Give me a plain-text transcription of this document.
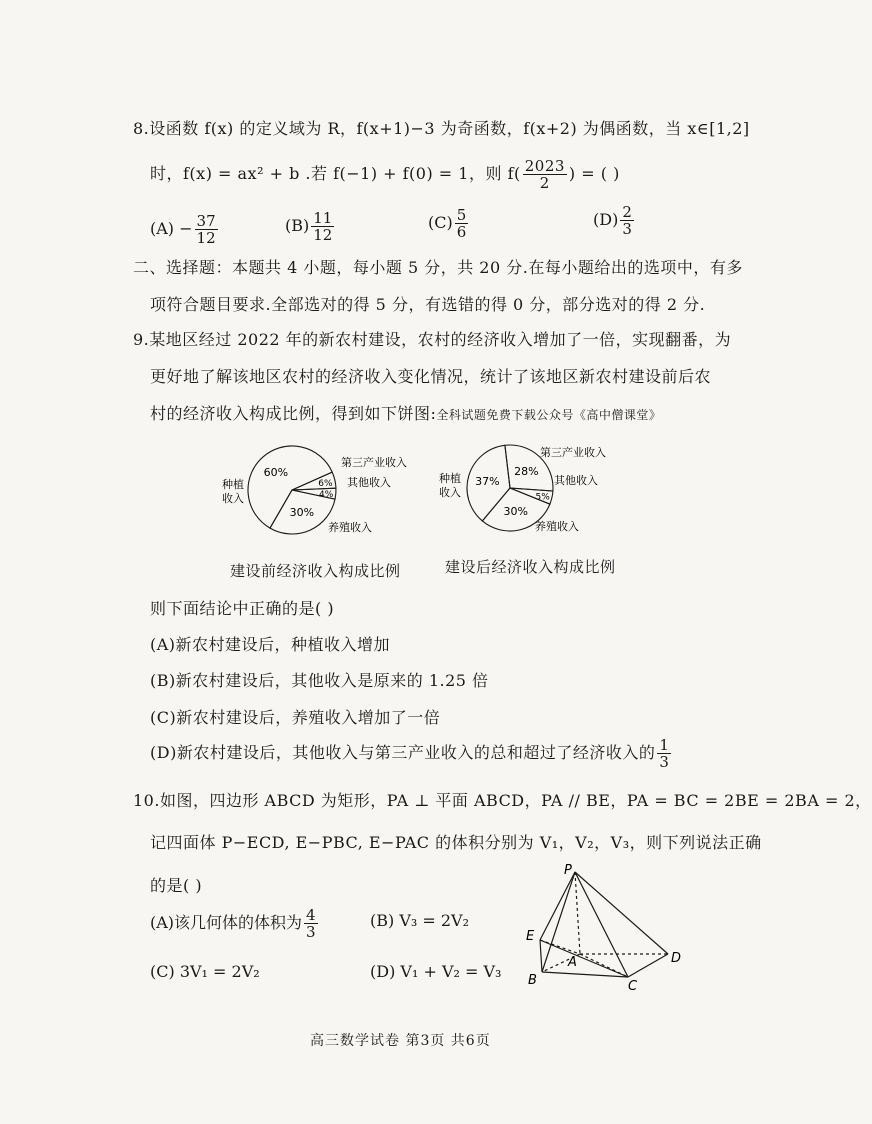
8.设函数 f(x) 的定义域为 R，f(x+1)−3 为奇函数，f(x+2) 为偶函数，当 x∈[1,2]
时，f(x) = ax² + b .若 f(−1) + f(0) = 1，则 $f( \frac{2023}{2}$ ) = ( )
$(A) - \frac{37}{12}$	$(B) \frac{11}{12}$	$(C) \frac{5}{6}$	$(D) \frac{2}{3}$
二、选择题：本题共 4 小题，每小题 5 分，共 20 分.在每小题给出的选项中，有多
项符合题目要求.全部选对的得 5 分，有选错的得 0 分，部分选对的得 2 分.
9.某地区经过 2022 年的新农村建设，农村的经济收入增加了一倍，实现翻番，为
更好地了解该地区农村的经济收入变化情况，统计了该地区新农村建设前后农
村的经济收入构成比例，得到如下饼图:全科试题免费下载公众号《高中僧课堂》
60%
6%
4%
30%
种植
收入
第三产业收入
其他收入
养殖收入
37%
28%
5%
30%
种植
收入
第三产业收入
其他收入
养殖收入
建设前经济收入构成比例	建设后经济收入构成比例
则下面结论中正确的是( )
(A)新农村建设后，种植收入增加
(B)新农村建设后，其他收入是原来的 1.25 倍
(C)新农村建设后，养殖收入增加了一倍
(D)新农村建设后，其他收入与第三产业收入的总和超过了经济收入的 $\frac{1}{3}$
10.如图，四边形 ABCD 为矩形，PA ⊥ 平面 ABCD，PA // BE，PA = BC = 2BE = 2BA = 2，
记四面体 P−ECD, E−PBC, E−PAC 的体积分别为 V₁，V₂，V₃，则下列说法正确
的是( )
(A)该几何体的体积为 $\frac{4}{3}$	(B) V₃ = 2V₂
(C) 3V₁ = 2V₂	(D) V₁ + V₂ = V₃
P
E
A
B	C
D
高三数学试卷 第3页 共6页
